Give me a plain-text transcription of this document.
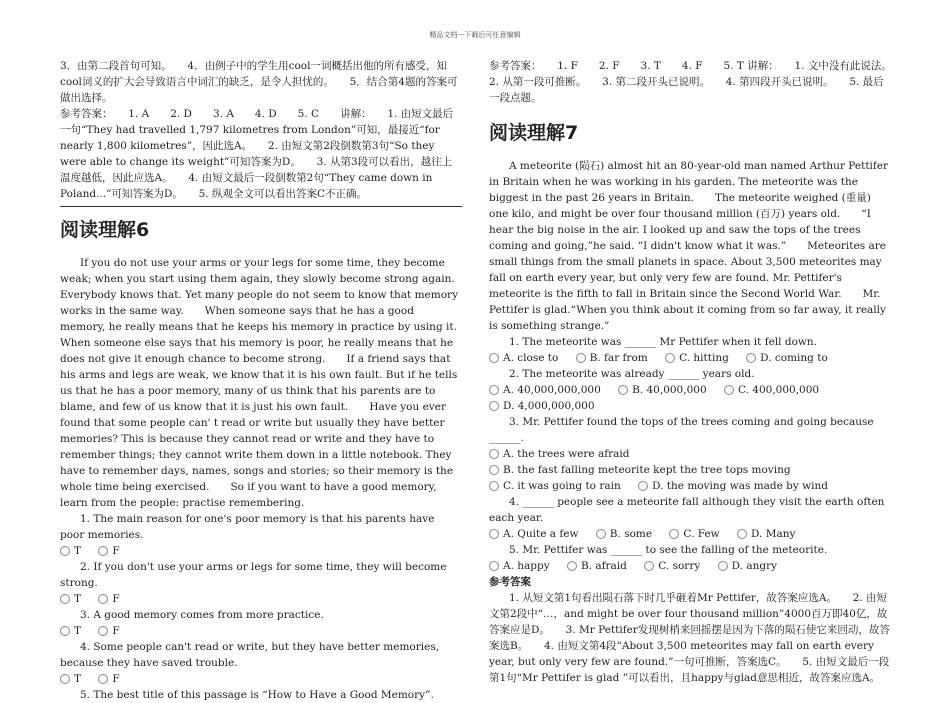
精品文档---下载后可任意编辑

3．由第二段首句可知。　　4．由例子中的学生用cool一词概括出他的所有感受，知cool词义的扩大会导致语言中词汇的缺乏，是令人担忧的。　　5．结合第4题的答案可做出选择。

参考答案：　　1. A　　2. D　　3. A　　4. D　　5. C　　讲解：　　1. 由短文最后一句“They had travelled 1,797 kilometres from London”可知，最接近“for nearly 1,800 kilometres”，因此选A。　　2. 由短文第2段倒数第3句“So they were able to change its weight”可知答案为D。　　3. 从第3段可以看出，越往上温度越低，因此应选A。　　4. 由短文最后一段倒数第2句“They came down in Poland...”可知答案为D。　　5. 纵观全文可以看出答案C不正确。

阅读理解6

If you do not use your arms or your legs for some time, they become weak; when you start using them again, they slowly become strong again. Everybody knows that. Yet many people do not seem to know that memory works in the same way.　　When someone says that he has a good memory, he really means that he keeps his memory in practice by using it. When someone else says that his memory is poor, he really means that he does not give it enough chance to become strong.　　If a friend says that his arms and legs are weak, we know that it is his own fault. But if he tells us that he has a poor memory, many of us think that his parents are to blame, and few of us know that it is just his own fault.　　Have you ever found that some people can' t read or write but usually they have better memories? This is because they cannot read or write and they have to remember things; they cannot write them down in a little notebook. They have to remember days, names, songs and stories; so their memory is the whole time being exercised.　　So if you want to have a good memory, learn from the people: practise remembering.

1. The main reason for one's poor memory is that his parents have poor memories.

T	F

2. If you don't use your arms or legs for some time, they will become strong.

T	F

3. A good memory comes from more practice.

T	F

4. Some people can't read or write, but they have better memories, because they have saved trouble.

T	F

5. The best title of this passage is “How to Have a Good Memory”.

参考答案：　　1. F　　2. F　　3. T　　4. F　　5. T 讲解：　　1. 文中没有此说法。　2. 从第一段可推断。　　3. 第二段开头已说明。　　4. 第四段开头已说明。　　5. 最后一段点题。

阅读理解7

A meteorite (陨石) almost hit an 80-year-old man named Arthur Pettifer in Britain when he was working in his garden. The meteorite was the biggest in the past 26 years in Britain.　　The meteorite weighed (重量) one kilo, and might be over four thousand million (百万) years old.　　“I hear the big noise in the air. I looked up and saw the tops of the trees coming and going,”he said. “I didn't know what it was.”　　Meteorites are small things from the small planets in space. About 3,500 meteorites may fall on earth every year, but only very few are found. Mr. Pettifer's meteorite is the fifth to fall in Britain since the Second World War.　　Mr. Pettifer is glad.“When you think about it coming from so far away, it really is something strange.”

1. The meteorite was ______ Mr Pettifer when it fell down.

A. close to	B. far from	C. hitting	D. coming to

2. The meteorite was already ______ years old.

A. 40,000,000,000	B. 40,000,000	C. 400,000,000 D. 4,000,000,000

3. Mr. Pettifer found the tops of the trees coming and going because ______.

A. the trees were afraid B. the fast falling meteorite kept the tree tops moving C. it was going to rain	D. the moving was made by wind

4. ______ people see a meteorite fall although they visit the earth often each year.

A. Quite a few	B. some	C. Few	D. Many

5. Mr. Pettifer was ______ to see the falling of the meteorite.

A. happy	B. afraid	C. sorry	D. angry

参考答案

1. 从短文第1句看出陨石落下时几乎砸着Mr Pettifer，故答案应选A。　　2. 由短文第2段中“…，and might be over four thousand million”4000百万即40亿，故答案应是D。　　3. Mr Pettifer发现树梢来回摇摆是因为下落的陨石使它来回动，故答案选B。　　4. 由短文第4段“About 3,500 meteorites may fall on earth every year, but only very few are found.”一句可推断，答案选C。　　5. 由短文最后一段第1句“Mr Pettifer is glad ”可以看出，且happy与glad意思相近，故答案应选A。
